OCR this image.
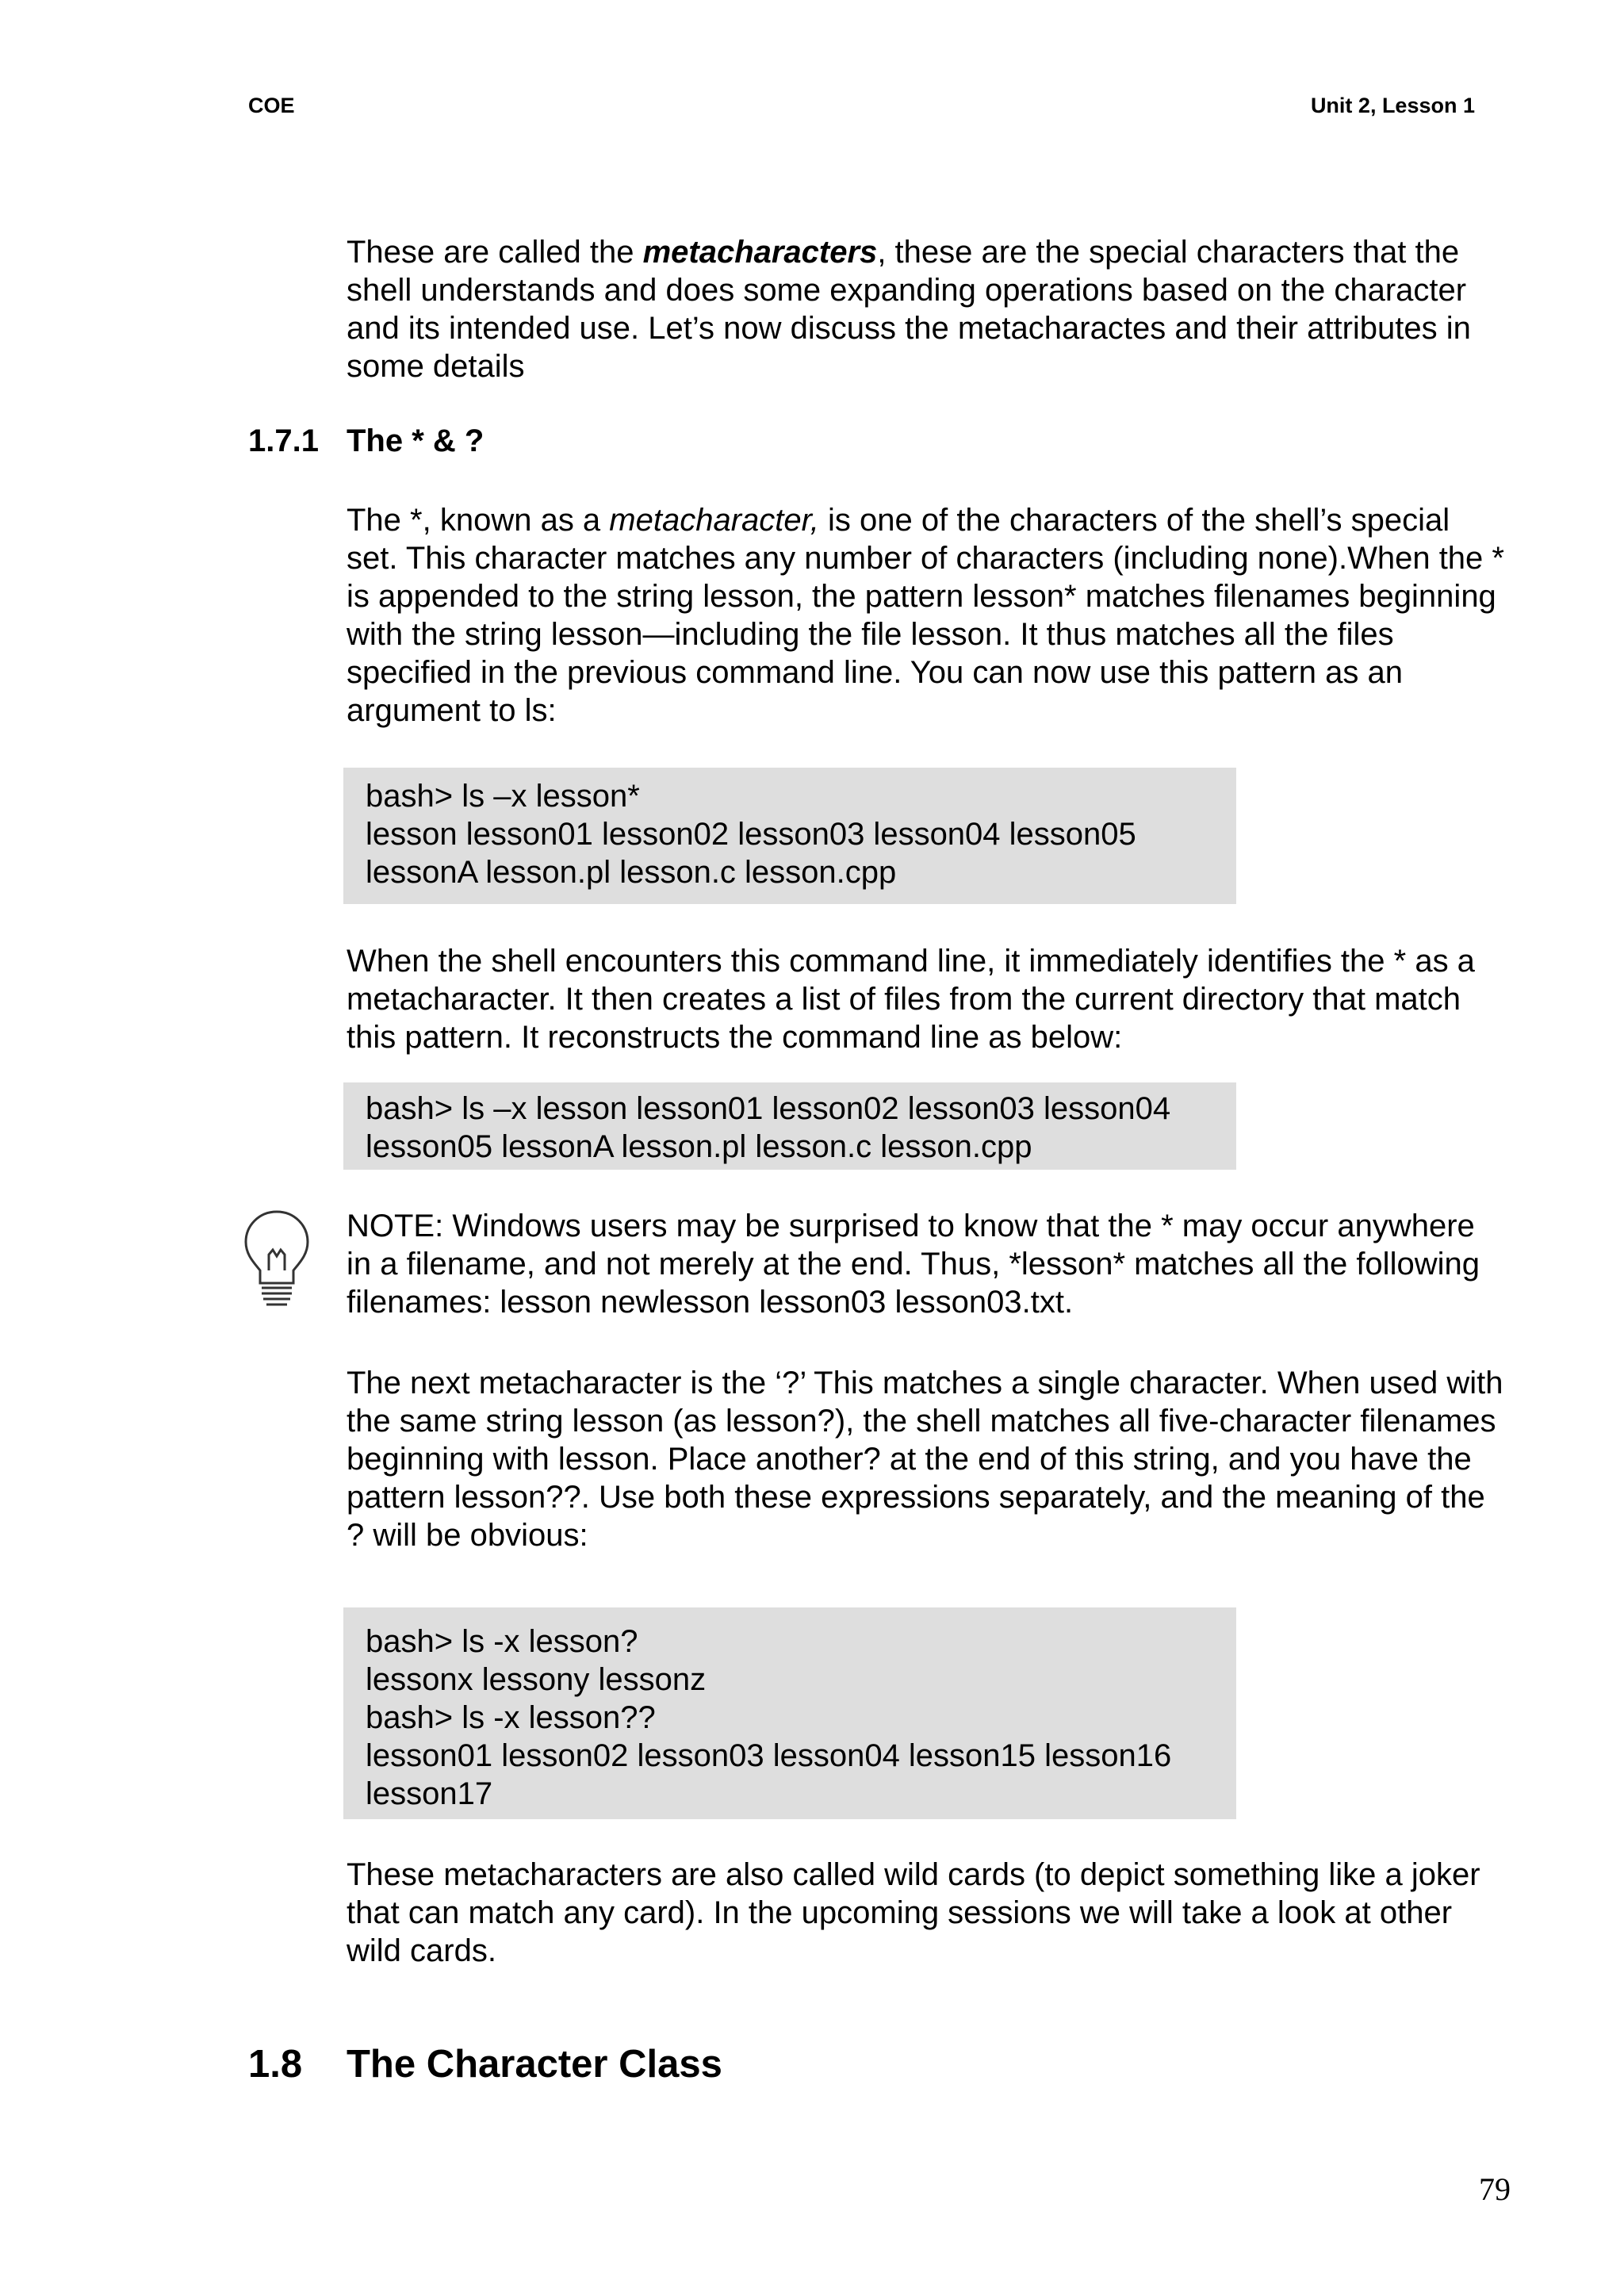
COE	Unit 2, Lesson 1

These are called the metacharacters, these are the special characters that the shell understands and does some expanding operations based on the character and its intended use. Let’s now discuss the metacharactes and their attributes in some details

1.7.1 The * & ?

The *, known as a metacharacter, is one of the characters of the shell’s special set. This character matches any number of characters (including none).When the * is appended to the string lesson, the pattern lesson* matches filenames beginning with the string lesson—including the file lesson. It thus matches all the files specified in the previous command line. You can now use this pattern as an argument to ls:

bash> ls –x lesson*
lesson lesson01 lesson02 lesson03 lesson04 lesson05
lessonA lesson.pl lesson.c lesson.cpp

When the shell encounters this command line, it immediately identifies the * as a metacharacter. It then creates a list of files from the current directory that match this pattern. It reconstructs the command line as below:

bash> ls –x lesson lesson01 lesson02 lesson03 lesson04
lesson05 lessonA lesson.pl lesson.c lesson.cpp

NOTE: Windows users may be surprised to know that the * may occur anywhere in a filename, and not merely at the end. Thus, *lesson* matches all the following filenames: lesson newlesson lesson03 lesson03.txt.

The next metacharacter is the ‘?’ This matches a single character. When used with the same string lesson (as lesson?), the shell matches all five-character filenames beginning with lesson. Place another? at the end of this string, and you have the pattern lesson??. Use both these expressions separately, and the meaning of the ? will be obvious:

bash> ls -x lesson?
lessonx lessony lessonz
bash> ls -x lesson??
lesson01 lesson02 lesson03 lesson04 lesson15 lesson16
lesson17

These metacharacters are also called wild cards (to depict something like a joker that can match any card). In the upcoming sessions we will take a look at other wild cards.

1.8 The Character Class
79
